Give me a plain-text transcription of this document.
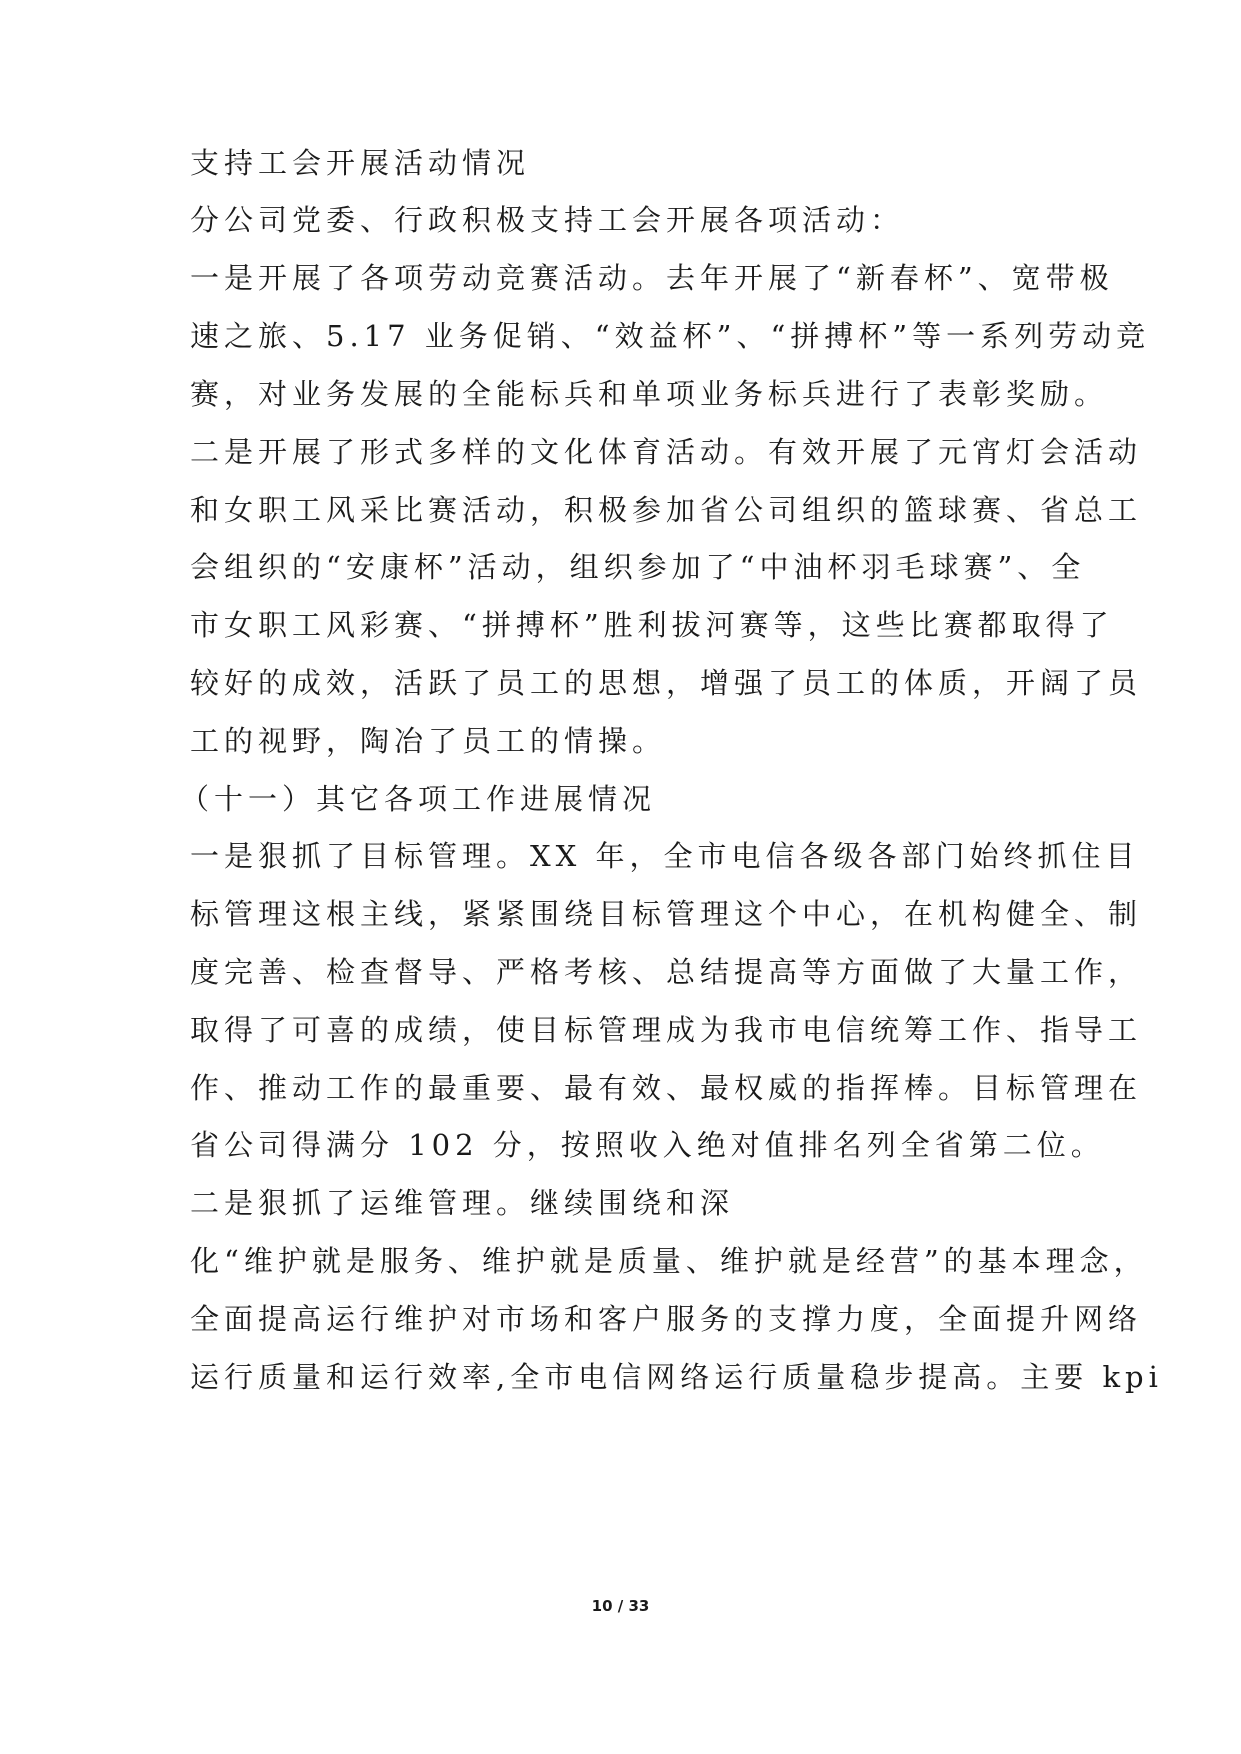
支持工会开展活动情况
分公司党委、行政积极支持工会开展各项活动：
一是开展了各项劳动竞赛活动。去年开展了“新春杯”、宽带极
速之旅、5.17 业务促销、“效益杯”、“拼搏杯”等一系列劳动竞
赛，对业务发展的全能标兵和单项业务标兵进行了表彰奖励。
二是开展了形式多样的文化体育活动。有效开展了元宵灯会活动
和女职工风采比赛活动，积极参加省公司组织的篮球赛、省总工
会组织的“安康杯”活动，组织参加了“中油杯羽毛球赛”、全
市女职工风彩赛、“拼搏杯”胜利拔河赛等，这些比赛都取得了
较好的成效，活跃了员工的思想，增强了员工的体质，开阔了员
工的视野，陶冶了员工的情操。
（十一）其它各项工作进展情况
一是狠抓了目标管理。XX 年，全市电信各级各部门始终抓住目
标管理这根主线，紧紧围绕目标管理这个中心，在机构健全、制
度完善、检查督导、严格考核、总结提高等方面做了大量工作，
取得了可喜的成绩，使目标管理成为我市电信统筹工作、指导工
作、推动工作的最重要、最有效、最权威的指挥棒。目标管理在
省公司得满分 102 分，按照收入绝对值排名列全省第二位。
二是狠抓了运维管理。继续围绕和深
化“维护就是服务、维护就是质量、维护就是经营”的基本理念，
全面提高运行维护对市场和客户服务的支撑力度，全面提升网络
运行质量和运行效率,全市电信网络运行质量稳步提高。主要 kpi
10 / 33
